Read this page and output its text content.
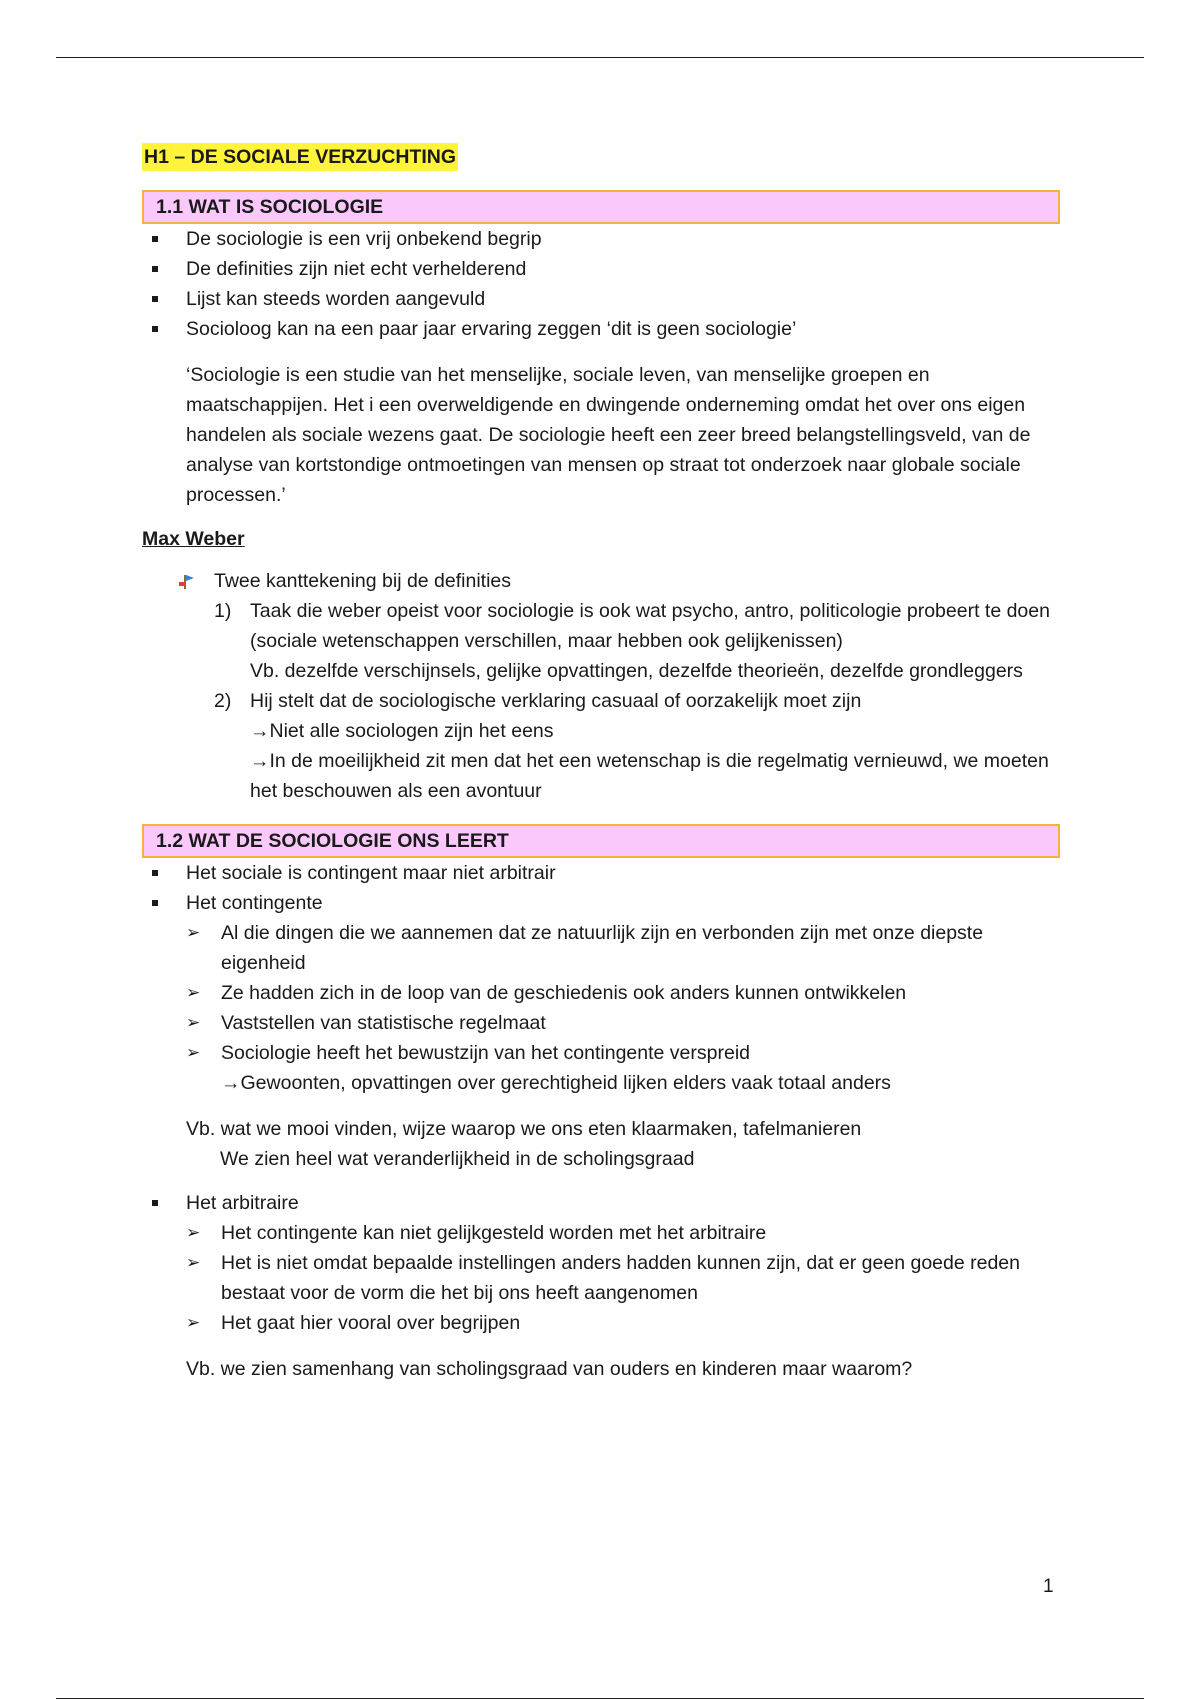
H1 – DE SOCIALE VERZUCHTING
1.1 WAT IS SOCIOLOGIE
De sociologie is een vrij onbekend begrip
De definities zijn niet echt verhelderend
Lijst kan steeds worden aangevuld
Socioloog kan na een paar jaar ervaring zeggen ‘dit is geen sociologie’
‘Sociologie is een studie van het menselijke, sociale leven, van menselijke groepen en maatschappijen. Het i een overweldigende en dwingende onderneming omdat het over ons eigen handelen als sociale wezens gaat. De sociologie heeft een zeer breed belangstellingsveld, van de analyse van kortstondige ontmoetingen van mensen op straat tot onderzoek naar globale sociale processen.’
Max Weber
Twee kanttekening bij de definities
1) Taak die weber opeist voor sociologie is ook wat psycho, antro, politicologie probeert te doen (sociale wetenschappen verschillen, maar hebben ook gelijkenissen)
Vb. dezelfde verschijnsels, gelijke opvattingen, dezelfde theorieën, dezelfde grondleggers
2) Hij stelt dat de sociologische verklaring casuaal of oorzakelijk moet zijn
→Niet alle sociologen zijn het eens
→In de moeilijkheid zit men dat het een wetenschap is die regelmatig vernieuwd, we moeten het beschouwen als een avontuur
1.2 WAT DE SOCIOLOGIE ONS LEERT
Het sociale is contingent maar niet arbitrair
Het contingente
➢ Al die dingen die we aannemen dat ze natuurlijk zijn en verbonden zijn met onze diepste eigenheid
➢ Ze hadden zich in de loop van de geschiedenis ook anders kunnen ontwikkelen
➢ Vaststellen van statistische regelmaat
➢ Sociologie heeft het bewustzijn van het contingente verspreid
→Gewoonten, opvattingen over gerechtigheid lijken elders vaak totaal anders
Vb. wat we mooi vinden, wijze waarop we ons eten klaarmaken, tafelmanieren
We zien heel wat veranderlijkheid in de scholingsgraad
Het arbitraire
➢ Het contingente kan niet gelijkgesteld worden met het arbitraire
➢ Het is niet omdat bepaalde instellingen anders hadden kunnen zijn, dat er geen goede reden bestaat voor de vorm die het bij ons heeft aangenomen
➢ Het gaat hier vooral over begrijpen
Vb. we zien samenhang van scholingsgraad van ouders en kinderen maar waarom?
1
